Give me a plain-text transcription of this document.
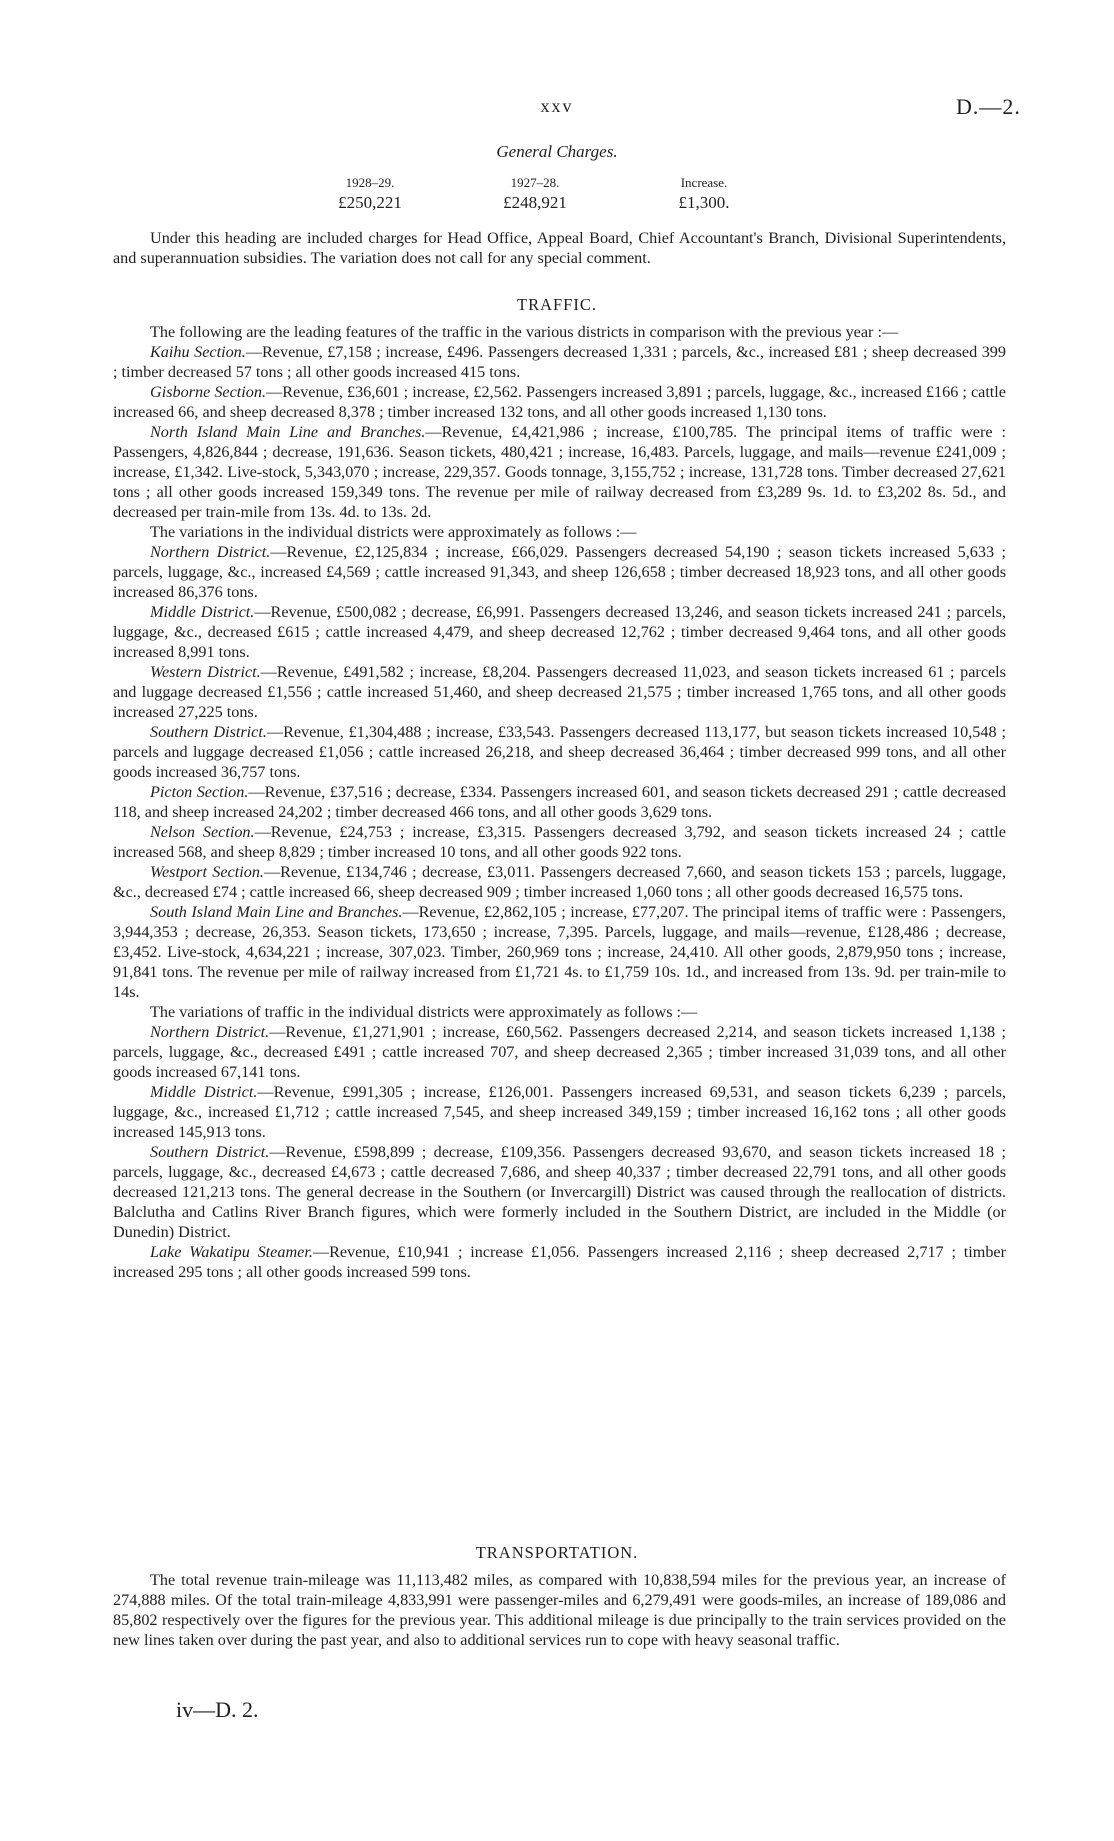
xxv	D.—2.
General Charges.
1928–29.
£250,221
1927–28.
£248,921
Increase.
£1,300.

Under this heading are included charges for Head Office, Appeal Board, Chief Accountant's Branch, Divisional Superintendents, and superannuation subsidies. The variation does not call for any special comment.

TRAFFIC.

The following are the leading features of the traffic in the various districts in comparison with the previous year :—

Kaihu Section.—Revenue, £7,158 ; increase, £496. Passengers decreased 1,331 ; parcels, &c., increased £81 ; sheep decreased 399 ; timber decreased 57 tons ; all other goods increased 415 tons.

Gisborne Section.—Revenue, £36,601 ; increase, £2,562. Passengers increased 3,891 ; parcels, luggage, &c., increased £166 ; cattle increased 66, and sheep decreased 8,378 ; timber increased 132 tons, and all other goods increased 1,130 tons.

North Island Main Line and Branches.—Revenue, £4,421,986 ; increase, £100,785. The principal items of traffic were : Passengers, 4,826,844 ; decrease, 191,636. Season tickets, 480,421 ; increase, 16,483. Parcels, luggage, and mails—revenue £241,009 ; increase, £1,342. Live-stock, 5,343,070 ; increase, 229,357. Goods tonnage, 3,155,752 ; increase, 131,728 tons. Timber decreased 27,621 tons ; all other goods increased 159,349 tons. The revenue per mile of railway decreased from £3,289 9s. 1d. to £3,202 8s. 5d., and decreased per train-mile from 13s. 4d. to 13s. 2d.

The variations in the individual districts were approximately as follows :—

Northern District.—Revenue, £2,125,834 ; increase, £66,029. Passengers decreased 54,190 ; season tickets increased 5,633 ; parcels, luggage, &c., increased £4,569 ; cattle increased 91,343, and sheep 126,658 ; timber decreased 18,923 tons, and all other goods increased 86,376 tons.

Middle District.—Revenue, £500,082 ; decrease, £6,991. Passengers decreased 13,246, and season tickets increased 241 ; parcels, luggage, &c., decreased £615 ; cattle increased 4,479, and sheep decreased 12,762 ; timber decreased 9,464 tons, and all other goods increased 8,991 tons.

Western District.—Revenue, £491,582 ; increase, £8,204. Passengers decreased 11,023, and season tickets increased 61 ; parcels and luggage decreased £1,556 ; cattle increased 51,460, and sheep decreased 21,575 ; timber increased 1,765 tons, and all other goods increased 27,225 tons.

Southern District.—Revenue, £1,304,488 ; increase, £33,543. Passengers decreased 113,177, but season tickets increased 10,548 ; parcels and luggage decreased £1,056 ; cattle increased 26,218, and sheep decreased 36,464 ; timber decreased 999 tons, and all other goods increased 36,757 tons.

Picton Section.—Revenue, £37,516 ; decrease, £334. Passengers increased 601, and season tickets decreased 291 ; cattle decreased 118, and sheep increased 24,202 ; timber decreased 466 tons, and all other goods 3,629 tons.

Nelson Section.—Revenue, £24,753 ; increase, £3,315. Passengers decreased 3,792, and season tickets increased 24 ; cattle increased 568, and sheep 8,829 ; timber increased 10 tons, and all other goods 922 tons.

Westport Section.—Revenue, £134,746 ; decrease, £3,011. Passengers decreased 7,660, and season tickets 153 ; parcels, luggage, &c., decreased £74 ; cattle increased 66, sheep decreased 909 ; timber increased 1,060 tons ; all other goods decreased 16,575 tons.

South Island Main Line and Branches.—Revenue, £2,862,105 ; increase, £77,207. The principal items of traffic were : Passengers, 3,944,353 ; decrease, 26,353. Season tickets, 173,650 ; increase, 7,395. Parcels, luggage, and mails—revenue, £128,486 ; decrease, £3,452. Live-stock, 4,634,221 ; increase, 307,023. Timber, 260,969 tons ; increase, 24,410. All other goods, 2,879,950 tons ; increase, 91,841 tons. The revenue per mile of railway increased from £1,721 4s. to £1,759 10s. 1d., and increased from 13s. 9d. per train-mile to 14s.

The variations of traffic in the individual districts were approximately as follows :—

Northern District.—Revenue, £1,271,901 ; increase, £60,562. Passengers decreased 2,214, and season tickets increased 1,138 ; parcels, luggage, &c., decreased £491 ; cattle increased 707, and sheep decreased 2,365 ; timber increased 31,039 tons, and all other goods increased 67,141 tons.

Middle District.—Revenue, £991,305 ; increase, £126,001. Passengers increased 69,531, and season tickets 6,239 ; parcels, luggage, &c., increased £1,712 ; cattle increased 7,545, and sheep increased 349,159 ; timber increased 16,162 tons ; all other goods increased 145,913 tons.

Southern District.—Revenue, £598,899 ; decrease, £109,356. Passengers decreased 93,670, and season tickets increased 18 ; parcels, luggage, &c., decreased £4,673 ; cattle decreased 7,686, and sheep 40,337 ; timber decreased 22,791 tons, and all other goods decreased 121,213 tons. The general decrease in the Southern (or Invercargill) District was caused through the reallocation of districts. Balclutha and Catlins River Branch figures, which were formerly included in the Southern District, are included in the Middle (or Dunedin) District.

Lake Wakatipu Steamer.—Revenue, £10,941 ; increase £1,056. Passengers increased 2,116 ; sheep decreased 2,717 ; timber increased 295 tons ; all other goods increased 599 tons.

TRANSPORTATION.

The total revenue train-mileage was 11,113,482 miles, as compared with 10,838,594 miles for the previous year, an increase of 274,888 miles. Of the total train-mileage 4,833,991 were passenger-miles and 6,279,491 were goods-miles, an increase of 189,086 and 85,802 respectively over the figures for the previous year. This additional mileage is due principally to the train services provided on the new lines taken over during the past year, and also to additional services run to cope with heavy seasonal traffic.

iv—D. 2.
